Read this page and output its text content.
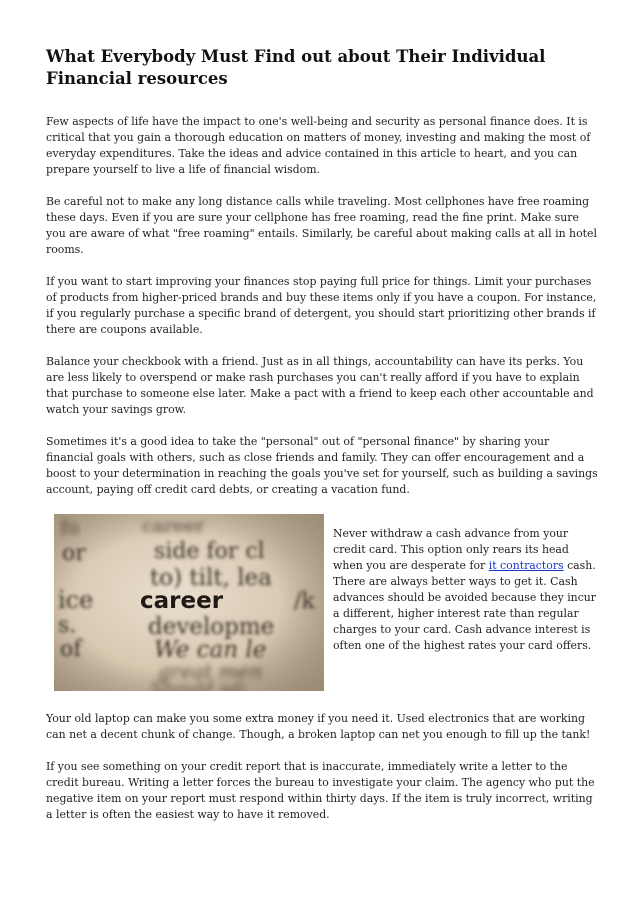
What Everybody Must Find out about Their Individual Financial resources

Few aspects of life have the impact to one's well-being and security as personal finance does. It is critical that you gain a thorough education on matters of money, investing and making the most of everyday expenditures. Take the ideas and advice contained in this article to heart, and you can prepare yourself to live a life of financial wisdom.

Be careful not to make any long distance calls while traveling. Most cellphones have free roaming these days. Even if you are sure your cellphone has free roaming, read the fine print. Make sure you are aware of what "free roaming" entails. Similarly, be careful about making calls at all in hotel rooms.

If you want to start improving your finances stop paying full price for things. Limit your purchases of products from higher-priced brands and buy these items only if you have a coupon. For instance, if you regularly purchase a specific brand of detergent, you should start prioritizing other brands if there are coupons available.

Balance your checkbook with a friend. Just as in all things, accountability can have its perks. You are less likely to overspend or make rash purchases you can't really afford if you have to explain that purchase to someone else later. Make a pact with a friend to keep each other accountable and watch your savings grow.

Sometimes it's a good idea to take the "personal" out of "personal finance" by sharing your financial goals with others, such as close friends and family. They can offer encouragement and a boost to your determination in reaching the goals you've set for yourself, such as building a savings account, paying off credit card debts, or creating a vacation fund.

Never withdraw a cash advance from your credit card. This option only rears its head when you are desperate for it contractors cash. There are always better ways to get it. Cash advances should be avoided because they incur a different, higher interest rate than regular charges to your card. Cash advance interest is often one of the highest rates your card offers.

Your old laptop can make you some extra money if you need it. Used electronics that are working can net a decent chunk of change. Though, a broken laptop can net you enough to fill up the tank!

If you see something on your credit report that is inaccurate, immediately write a letter to the credit bureau. Writing a letter forces the bureau to investigate your claim. The agency who put the negative item on your report must respond within thirty days. If the item is truly incorrect, writing a letter is often the easiest way to have it removed.
